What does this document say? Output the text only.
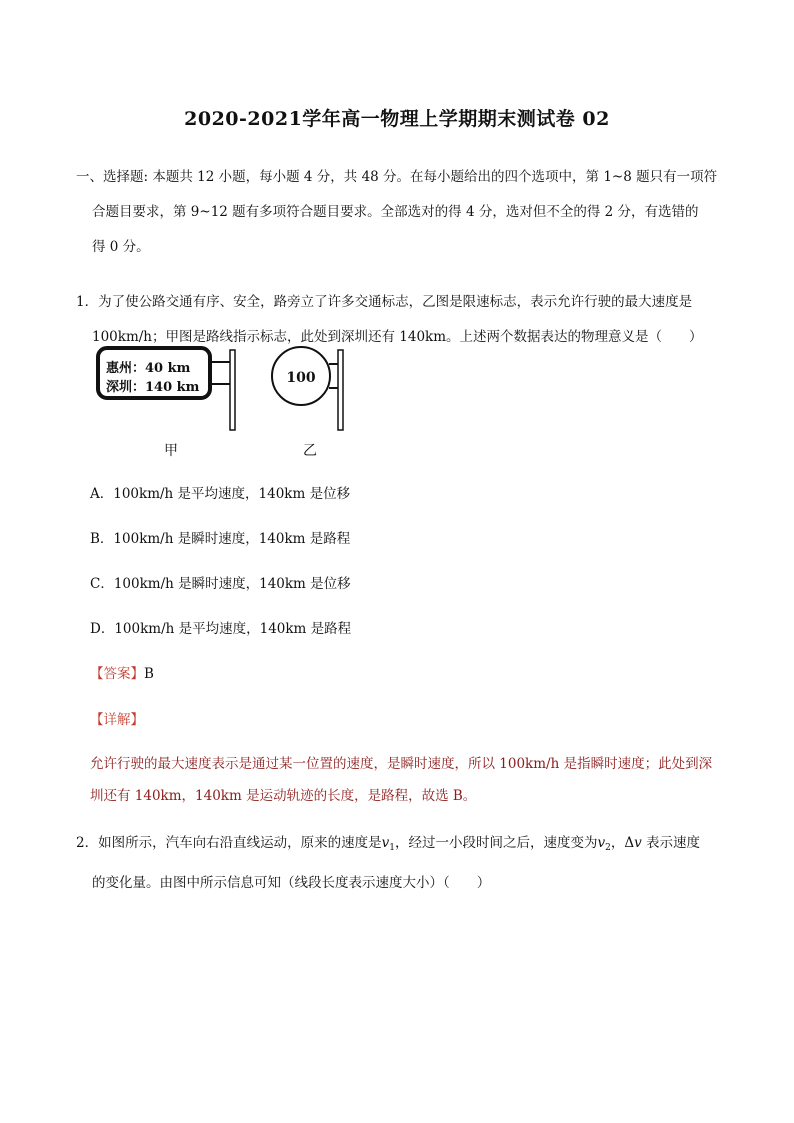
2020-2021学年高一物理上学期期末测试卷 02
一、选择题: 本题共 12 小题，每小题 4 分，共 48 分。在每小题给出的四个选项中，第 1~8 题只有一项符
合题目要求，第 9~12 题有多项符合题目要求。全部选对的得 4 分，选对但不全的得 2 分，有选错的
得 0 分。
1．为了使公路交通有序、安全，路旁立了许多交通标志，乙图是限速标志，表示允许行驶的最大速度是
100km/h；甲图是路线指示标志，此处到深圳还有 140km。上述两个数据表达的物理意义是（　　）
惠州：40 km
深圳：140 km
100
甲	乙
A．100km/h 是平均速度，140km 是位移
B．100km/h 是瞬时速度，140km 是路程
C．100km/h 是瞬时速度，140km 是位移
D．100km/h 是平均速度，140km 是路程
【答案】B
【详解】
允许行驶的最大速度表示是通过某一位置的速度，是瞬时速度，所以 100km/h 是指瞬时速度；此处到深
圳还有 140km，140km 是运动轨迹的长度，是路程，故选 B。
2．如图所示，汽车向右沿直线运动，原来的速度是$v_1$，经过一小段时间之后，速度变为$v_2$，Δv 表示速度
的变化量。由图中所示信息可知（线段长度表示速度大小）（　　）
